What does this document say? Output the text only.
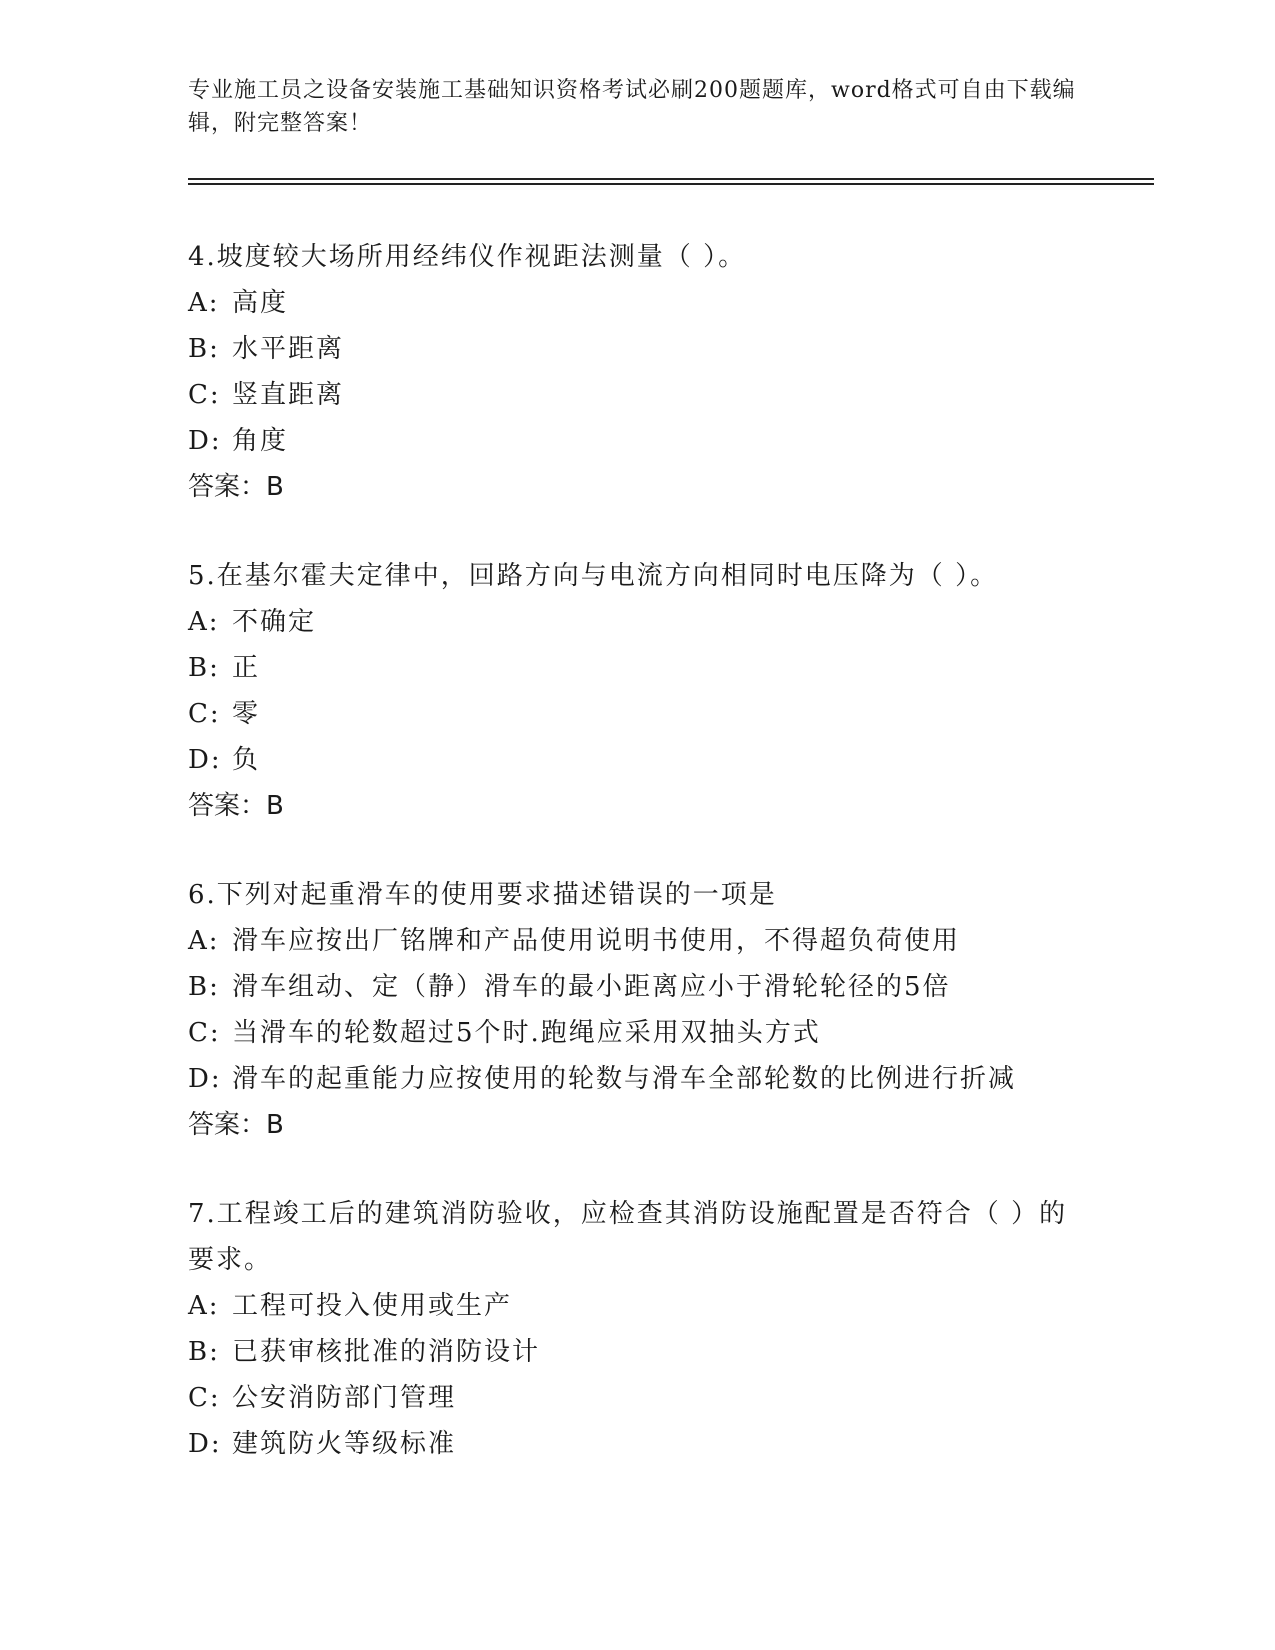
专业施工员之设备安装施工基础知识资格考试必刷200题题库，word格式可自由下载编辑，附完整答案！

4.坡度较大场所用经纬仪作视距法测量（ ）。

A: 高度

B: 水平距离

C: 竖直距离

D: 角度

答案：B

5.在基尔霍夫定律中，回路方向与电流方向相同时电压降为（ ）。

A: 不确定

B: 正

C: 零

D: 负

答案：B

6.下列对起重滑车的使用要求描述错误的一项是

A: 滑车应按出厂铭牌和产品使用说明书使用，不得超负荷使用

B: 滑车组动、定（静）滑车的最小距离应小于滑轮轮径的5倍

C: 当滑车的轮数超过5个时.跑绳应采用双抽头方式

D: 滑车的起重能力应按使用的轮数与滑车全部轮数的比例进行折减

答案：B

7.工程竣工后的建筑消防验收，应检查其消防设施配置是否符合（ ）的要求。

A: 工程可投入使用或生产

B: 已获审核批准的消防设计

C: 公安消防部门管理

D: 建筑防火等级标准
